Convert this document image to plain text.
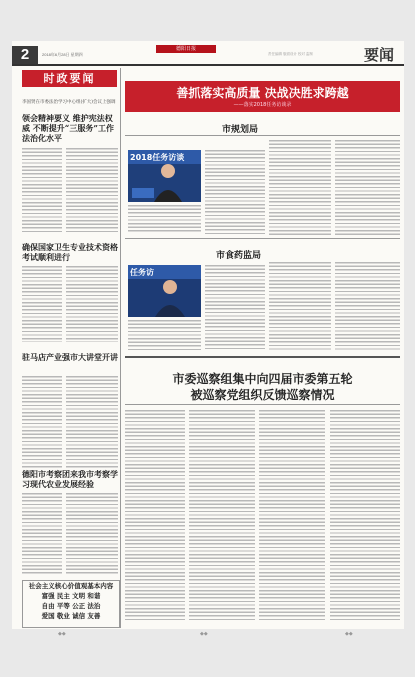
2	2018年6月28日 星期四
德阳日报
责任编辑 版面设计 校对 监制	要闻
时政要闻
李国贤在市委法治学习中心组(扩大)会议上强调
领会精神要义 维护宪法权威 不断提升“三服务”工作法治化水平
确保国家卫生专业技术资格考试顺利进行
驻马店产业强市大讲堂开讲
德阳市考察团来我市考察学习现代农业发展经验
社会主义核心价值观基本内容
富强 民主 文明 和谐
自由 平等 公正 法治
爱国 敬业 诚信 友善
善抓落实高质量 决战决胜求跨越
——落实2018任务访谈录
市规划局
2018任务访谈
市食药监局
任务访
市委巡察组集中向四届市委第五轮
被巡察党组织反馈巡察情况
◆◆	◆◆	◆◆
